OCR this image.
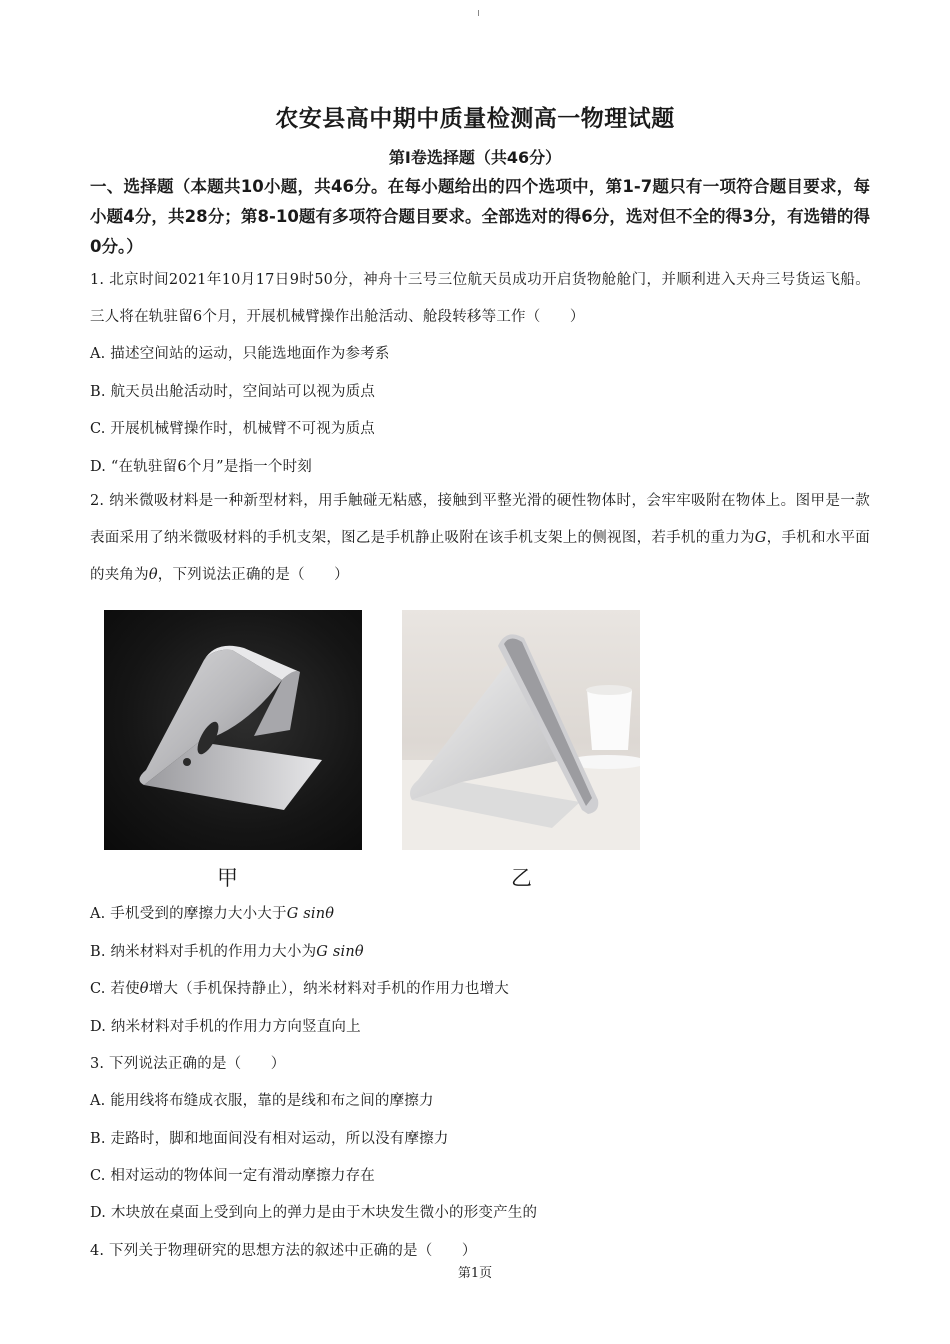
农安县高中期中质量检测高一物理试题
第Ⅰ卷选择题（共46分）
一、选择题（本题共10小题，共46分。在每小题给出的四个选项中，第1-7题只有一项符合题目要求，每小题4分，共28分；第8-10题有多项符合题目要求。全部选对的得6分，选对但不全的得3分，有选错的得0分。）
1. 北京时间2021年10月17日9时50分，神舟十三号三位航天员成功开启货物舱舱门，并顺利进入天舟三号货运飞船。三人将在轨驻留6个月，开展机械臂操作出舱活动、舱段转移等工作（　　）
A. 描述空间站的运动，只能选地面作为参考系
B. 航天员出舱活动时，空间站可以视为质点
C. 开展机械臂操作时，机械臂不可视为质点
D. “在轨驻留6个月”是指一个时刻
2. 纳米微吸材料是一种新型材料，用手触碰无粘感，接触到平整光滑的硬性物体时，会牢牢吸附在物体上。图甲是一款表面采用了纳米微吸材料的手机支架，图乙是手机静止吸附在该手机支架上的侧视图，若手机的重力为G，手机和水平面的夹角为θ，下列说法正确的是（　　）
甲	乙
A. 手机受到的摩擦力大小大于G sinθ
B. 纳米材料对手机的作用力大小为G sinθ
C. 若使θ增大（手机保持静止），纳米材料对手机的作用力也增大
D. 纳米材料对手机的作用力方向竖直向上
3. 下列说法正确的是（　　）
A. 能用线将布缝成衣服，靠的是线和布之间的摩擦力
B. 走路时，脚和地面间没有相对运动，所以没有摩擦力
C. 相对运动的物体间一定有滑动摩擦力存在
D. 木块放在桌面上受到向上的弹力是由于木块发生微小的形变产生的
4. 下列关于物理研究的思想方法的叙述中正确的是（　　）
第1页
